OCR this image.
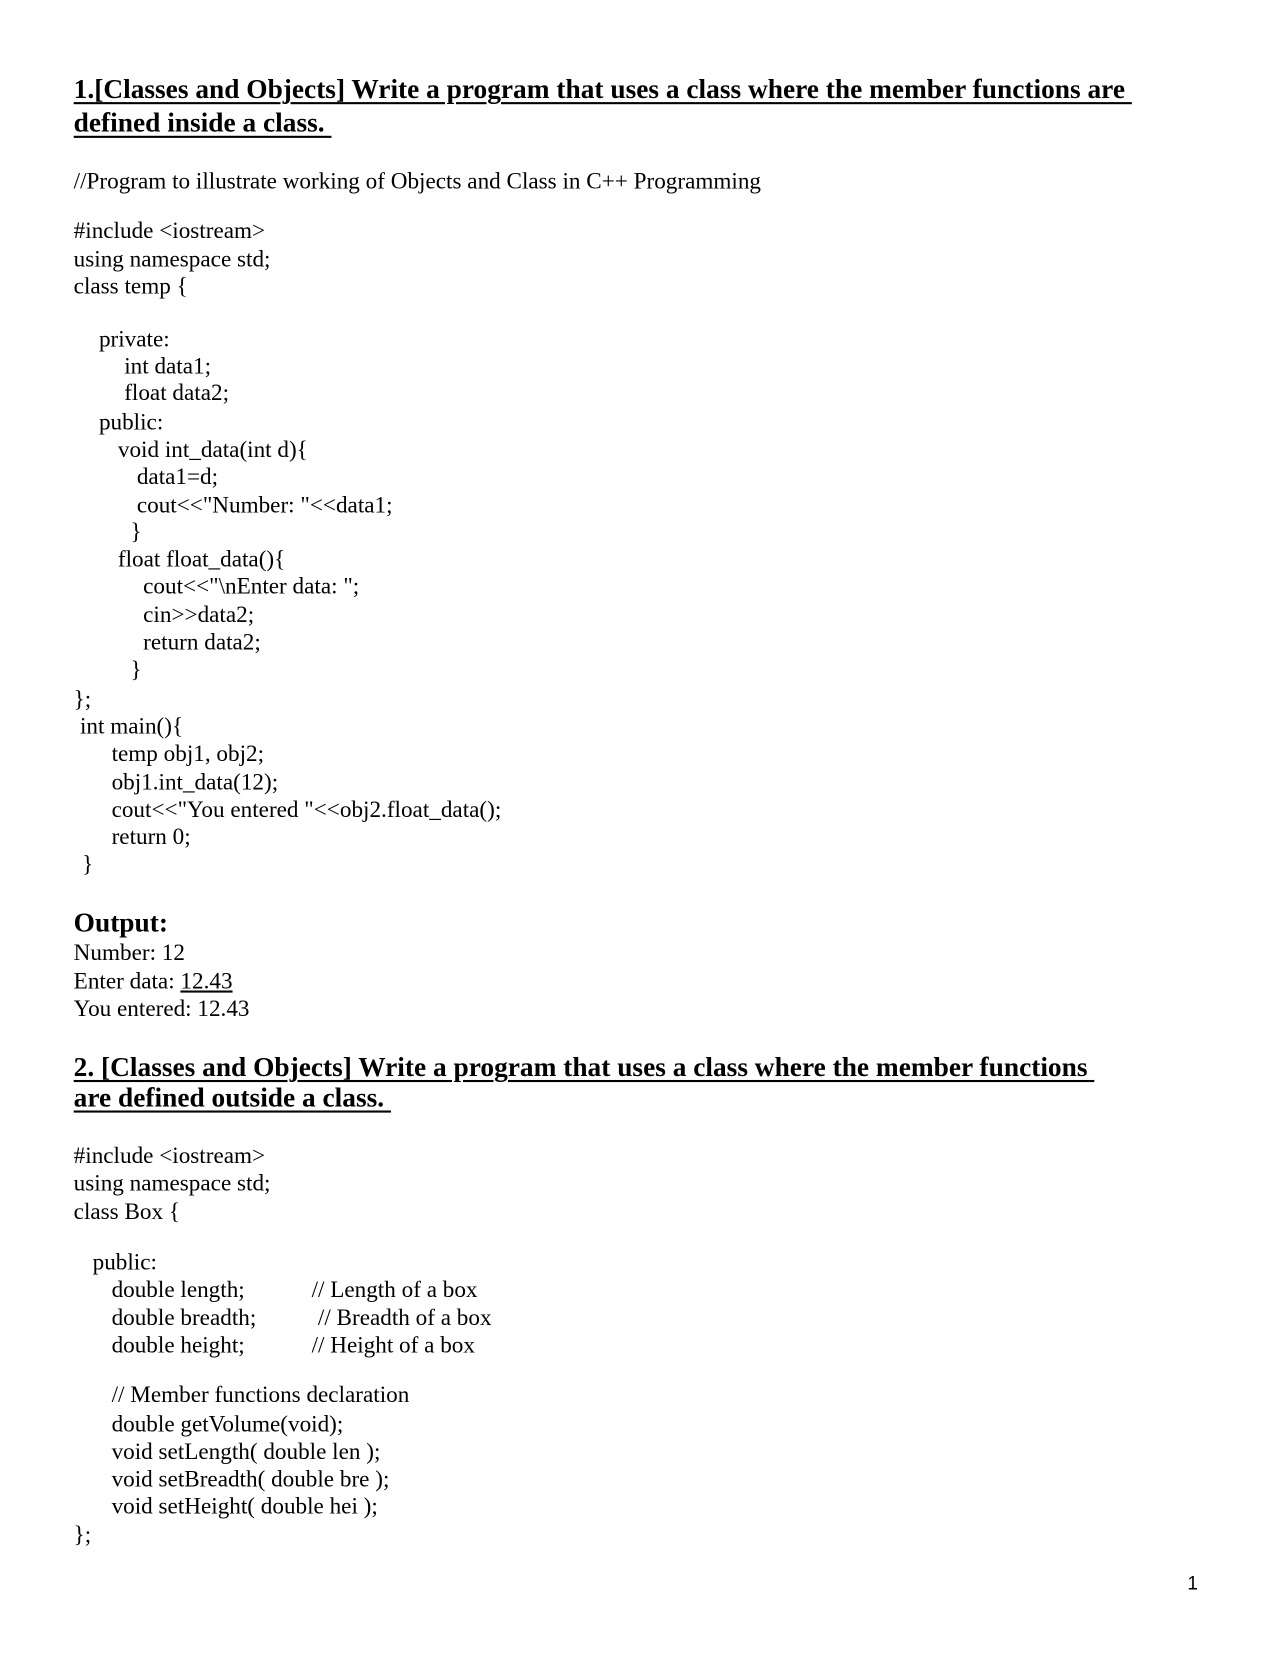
1.[Classes and Objects] Write a program that uses a class where the member functions are
defined inside a class.
//Program to illustrate working of Objects and Class in C++ Programming
#include <iostream>
using namespace std;
class temp {
private:
int data1;
float data2;
public:
void int_data(int d){
data1=d;
cout<<"Number: "<<data1;
}
float float_data(){
cout<<"\nEnter data: ";
cin>>data2;
return data2;
}
};
int main(){
temp obj1, obj2;
obj1.int_data(12);
cout<<"You entered "<<obj2.float_data();
return 0;
}
Output:
Number: 12
Enter data: 12.43
You entered: 12.43
2. [Classes and Objects] Write a program that uses a class where the member functions
are defined outside a class.
#include <iostream>
using namespace std;
class Box {
public:
double length;	// Length of a box
double breadth;	// Breadth of a box
double height;	// Height of a box
// Member functions declaration
double getVolume(void);
void setLength( double len );
void setBreadth( double bre );
void setHeight( double hei );
};
1
